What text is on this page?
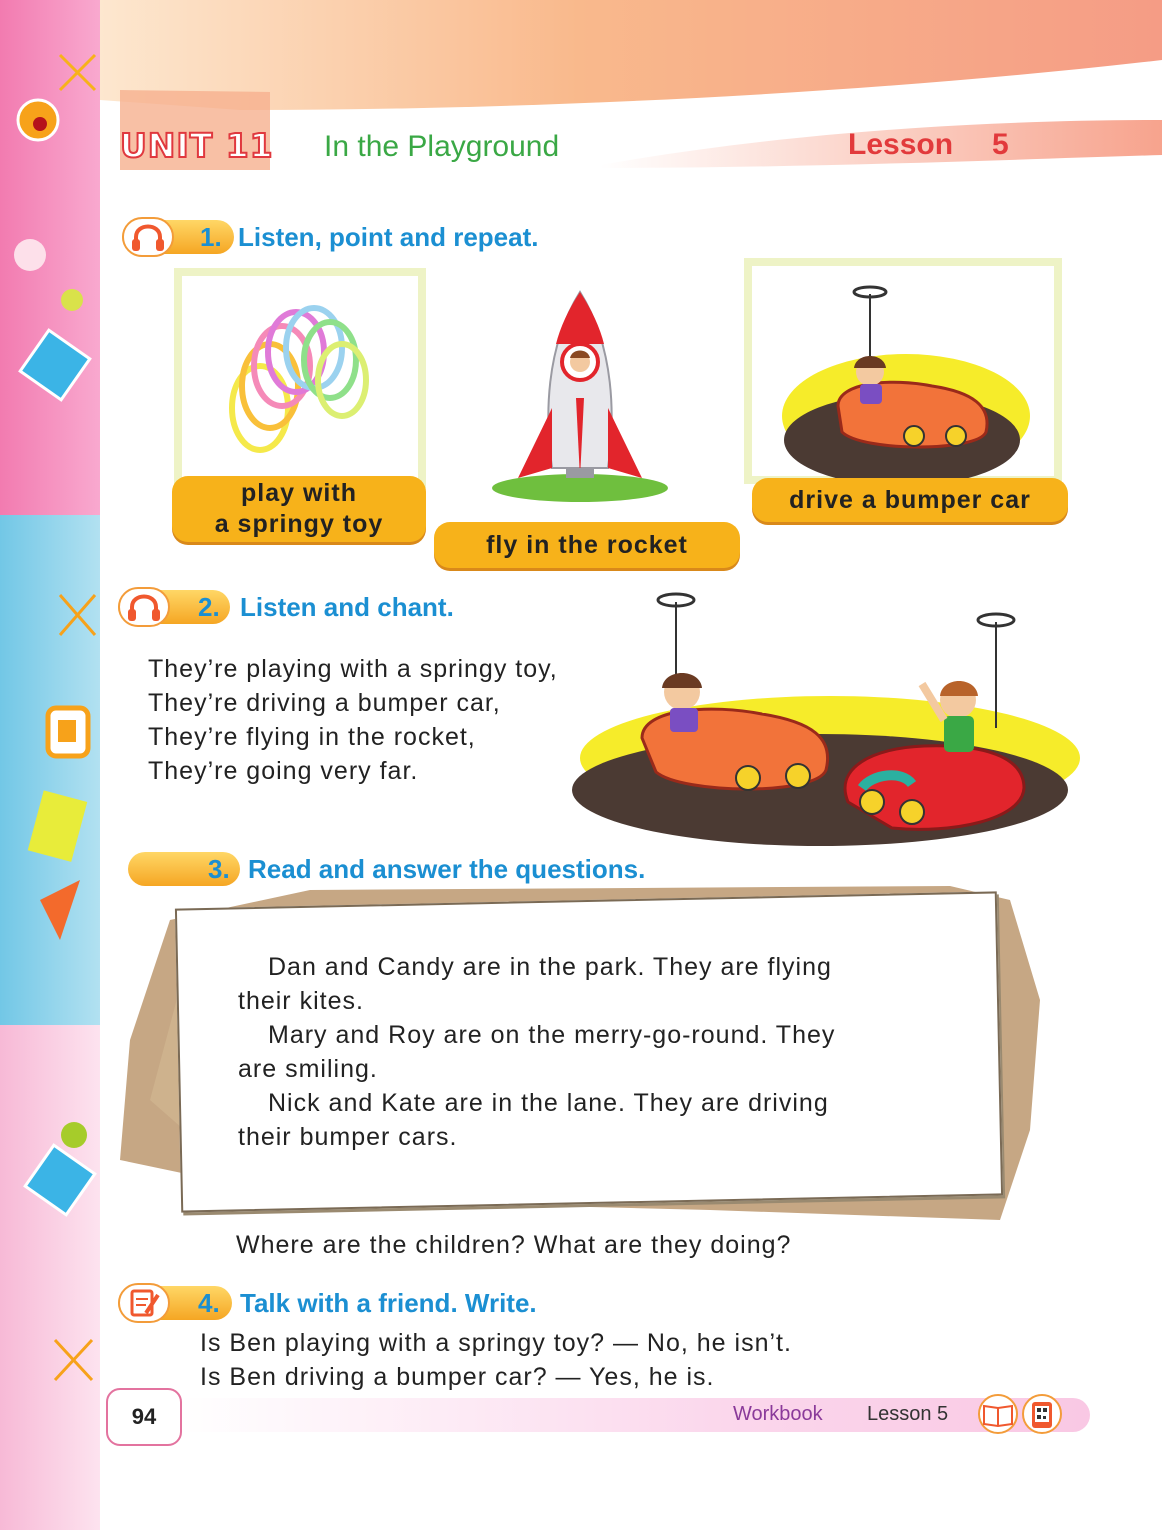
UNIT 11 In the Playground	Lesson 5
1. Listen, point and repeat.
play with
a springy toy
fly in the rocket
drive a bumper car
2. Listen and chant.
They’re playing with a springy toy,
They’re driving a bumper car,
They’re flying in the rocket,
They’re going very far.
3. Read and answer the questions.
Dan and Candy are in the park. They are flying
their kites.
Mary and Roy are on the merry-go-round. They
are smiling.
Nick and Kate are in the lane. They are driving
their bumper cars.
Where are the children? What are they doing?
4. Talk with a friend. Write.
Is Ben playing with a springy toy? — No, he isn’t.
Is Ben driving a bumper car? — Yes, he is.
94	Workbook Lesson 5
